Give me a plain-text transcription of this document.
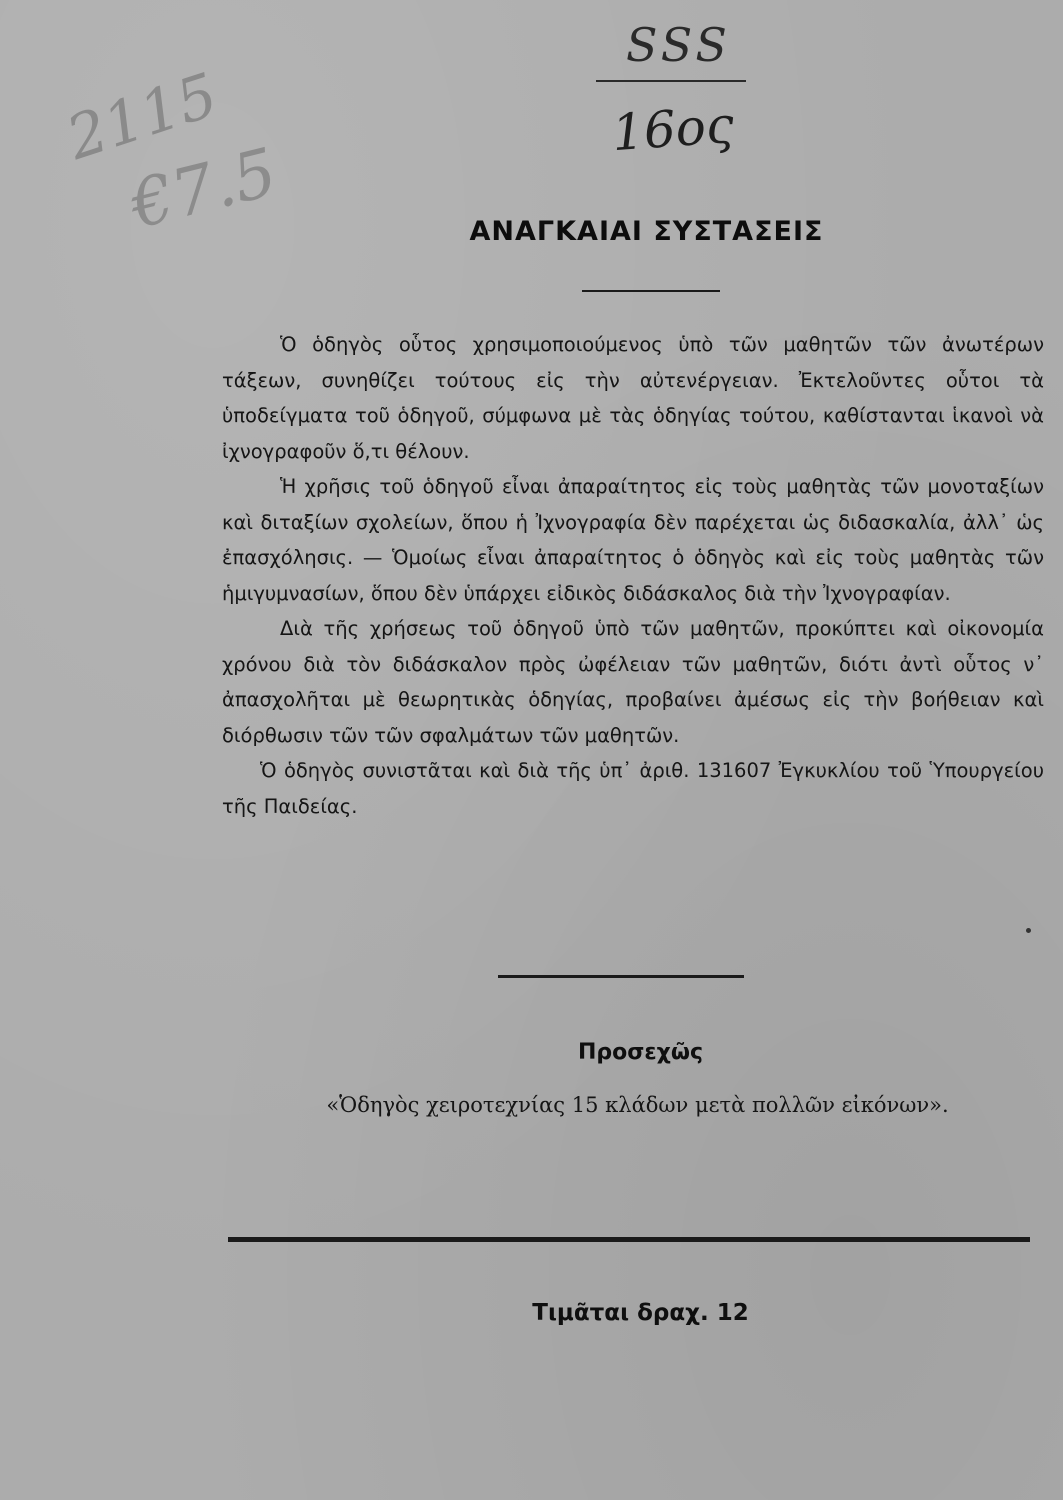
2115
€7.5
SSS
16ος
ΑΝΑΓΚΑΙΑΙ ΣΥΣΤΑΣΕΙΣ

Ὁ ὁδηγὸς οὗτος χρησιμοποιούμενος ὑπὸ τῶν μαθητῶν τῶν ἀνωτέρων τάξεων, συνηθίζει τούτους εἰς τὴν αὐτενέργειαν. Ἐκτελοῦντες οὗτοι τὰ ὑποδείγματα τοῦ ὁδηγοῦ, σύμφωνα μὲ τὰς ὁδηγίας τούτου, καθίστανται ἱκανοὶ νὰ ἰχνογραφοῦν ὅ,τι θέλουν.

Ἡ χρῆσις τοῦ ὁδηγοῦ εἶναι ἀπαραίτητος εἰς τοὺς μαθητὰς τῶν μονοταξίων καὶ διταξίων σχολείων, ὅπου ἡ Ἰχνογραφία δὲν παρέχεται ὡς διδασκαλία, ἀλλ᾿ ὡς ἐπασχόλησις. — Ὁμοίως εἶναι ἀπαραίτητος ὁ ὁδηγὸς καὶ εἰς τοὺς μαθητὰς τῶν ἡμιγυμνασίων, ὅπου δὲν ὑπάρχει εἰδικὸς διδάσκαλος διὰ τὴν Ἰχνογραφίαν.

Διὰ τῆς χρήσεως τοῦ ὁδηγοῦ ὑπὸ τῶν μαθητῶν, προκύπτει καὶ οἰκονομία χρόνου διὰ τὸν διδάσκαλον πρὸς ὠφέλειαν τῶν μαθητῶν, διότι ἀντὶ οὗτος ν᾿ ἀπασχολῆται μὲ θεωρητικὰς ὁδηγίας, προβαίνει ἀμέσως εἰς τὴν βοήθειαν καὶ διόρθωσιν τῶν τῶν σφαλμάτων τῶν μαθητῶν.

Ὁ ὁδηγὸς συνιστᾶται καὶ διὰ τῆς ὑπ᾿ ἀριθ. 131607 Ἐγκυκλίου τοῦ Ὑπουργείου τῆς Παιδείας.

Προσεχῶς
«Ὁδηγὸς χειροτεχνίας 15 κλάδων μετὰ πολλῶν εἰκόνων».
Τιμᾶται δραχ. 12
